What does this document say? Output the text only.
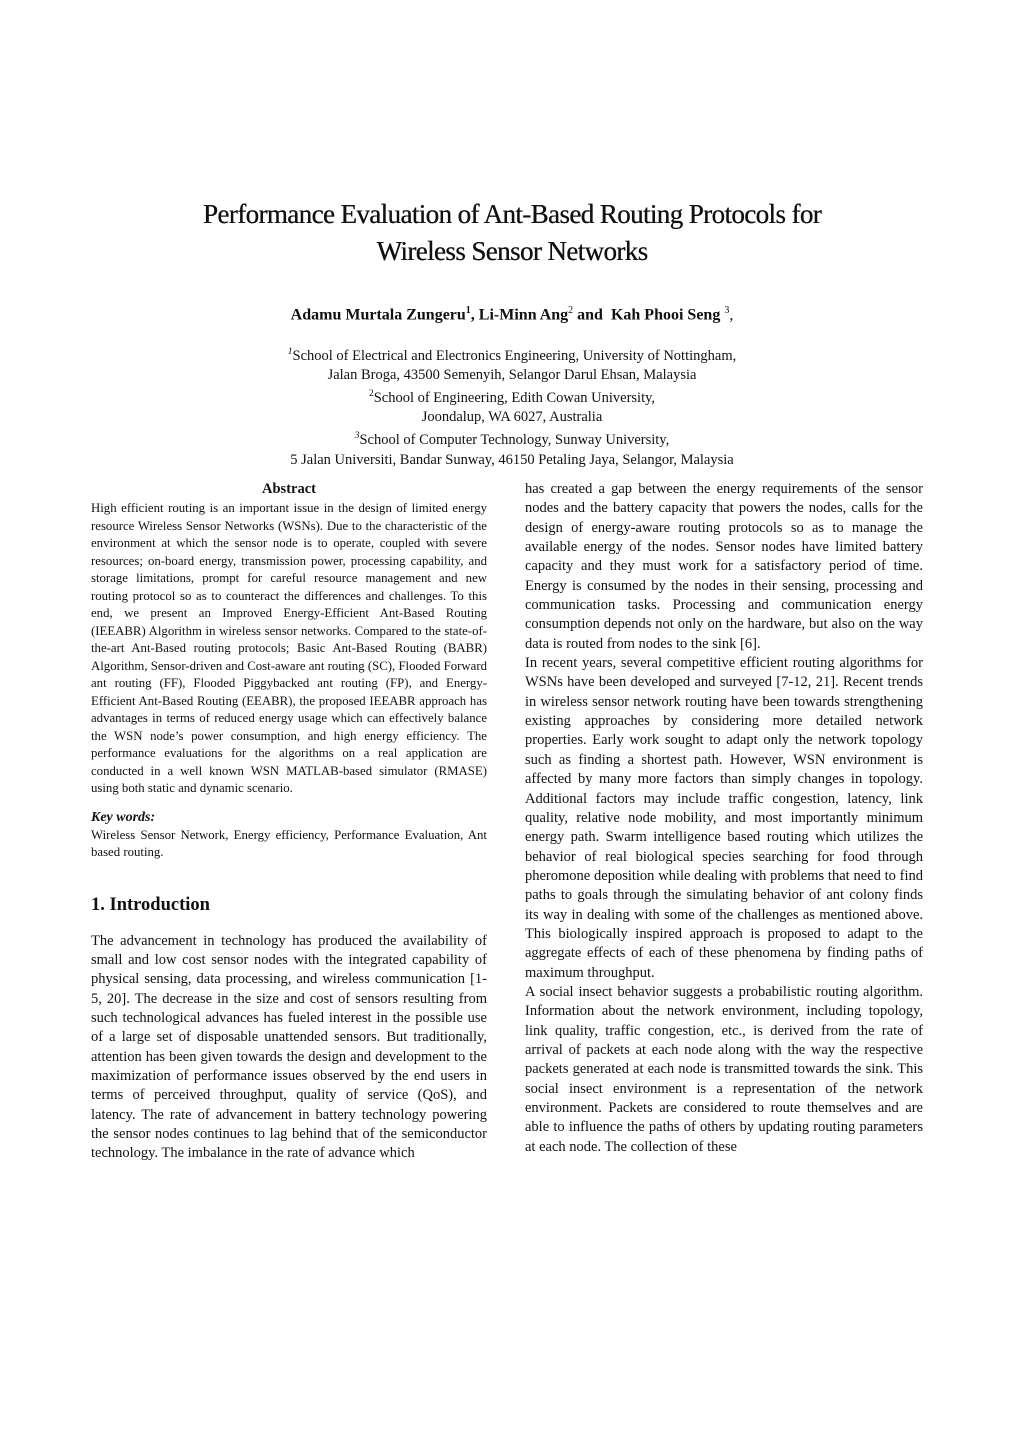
Performance Evaluation of Ant-Based Routing Protocols for
Wireless Sensor Networks
Adamu Murtala Zungeru$^1$, Li-Minn Ang$^2$ and  Kah Phooi Seng $^3$,
$^1$School of Electrical and Electronics Engineering, University of Nottingham,
Jalan Broga, 43500 Semenyih, Selangor Darul Ehsan, Malaysia
$^2$School of Engineering, Edith Cowan University,
Joondalup, WA 6027, Australia
$^3$School of Computer Technology, Sunway University,
5 Jalan Universiti, Bandar Sunway, 46150 Petaling Jaya, Selangor, Malaysia
Abstract

High efficient routing is an important issue in the design of limited energy resource Wireless Sensor Networks (WSNs). Due to the characteristic of the environment at which the sensor node is to operate, coupled with severe resources; on-board energy, transmission power, processing capability, and storage limitations, prompt for careful resource management and new routing protocol so as to counteract the differences and challenges. To this end, we present an Improved Energy-Efficient Ant-Based Routing (IEEABR) Algorithm in wireless sensor networks. Compared to the state-of-the-art Ant-Based routing protocols; Basic Ant-Based Routing (BABR) Algorithm, Sensor-driven and Cost-aware ant routing (SC), Flooded Forward ant routing (FF), Flooded Piggybacked ant routing (FP), and Energy-Efficient Ant-Based Routing (EEABR), the proposed IEEABR approach has advantages in terms of reduced energy usage which can effectively balance the WSN node’s power consumption, and high energy efficiency. The performance evaluations for the algorithms on a real application are conducted in a well known WSN MATLAB-based simulator (RMASE) using both static and dynamic scenario.

Key words:

Wireless Sensor Network, Energy efficiency, Performance Evaluation, Ant based routing.

1. Introduction

The advancement in technology has produced the availability of small and low cost sensor nodes with the integrated capability of physical sensing, data processing, and wireless communication [1-5, 20]. The decrease in the size and cost of sensors resulting from such technological advances has fueled interest in the possible use of a large set of disposable unattended sensors. But traditionally, attention has been given towards the design and development to the maximization of performance issues observed by the end users in terms of perceived throughput, quality of service (QoS), and latency. The rate of advancement in battery technology powering the sensor nodes continues to lag behind that of the semiconductor technology. The imbalance in the rate of advance which

has created a gap between the energy requirements of the sensor nodes and the battery capacity that powers the nodes, calls for the design of energy-aware routing protocols so as to manage the available energy of the nodes. Sensor nodes have limited battery capacity and they must work for a satisfactory period of time. Energy is consumed by the nodes in their sensing, processing and communication tasks. Processing and communication energy consumption depends not only on the hardware, but also on the way data is routed from nodes to the sink [6].

In recent years, several competitive efficient routing algorithms for WSNs have been developed and surveyed [7-12, 21]. Recent trends in wireless sensor network routing have been towards strengthening existing approaches by considering more detailed network properties. Early work sought to adapt only the network topology such as finding a shortest path. However, WSN environment is affected by many more factors than simply changes in topology. Additional factors may include traffic congestion, latency, link quality, relative node mobility, and most importantly minimum energy path. Swarm intelligence based routing which utilizes the behavior of real biological species searching for food through pheromone deposition while dealing with problems that need to find paths to goals through the simulating behavior of ant colony finds its way in dealing with some of the challenges as mentioned above. This biologically inspired approach is proposed to adapt to the aggregate effects of each of these phenomena by finding paths of maximum throughput.

A social insect behavior suggests a probabilistic routing algorithm. Information about the network environment, including topology, link quality, traffic congestion, etc., is derived from the rate of arrival of packets at each node along with the way the respective packets generated at each node is transmitted towards the sink. This social insect environment is a representation of the network environment. Packets are considered to route themselves and are able to influence the paths of others by updating routing parameters at each node. The collection of these
